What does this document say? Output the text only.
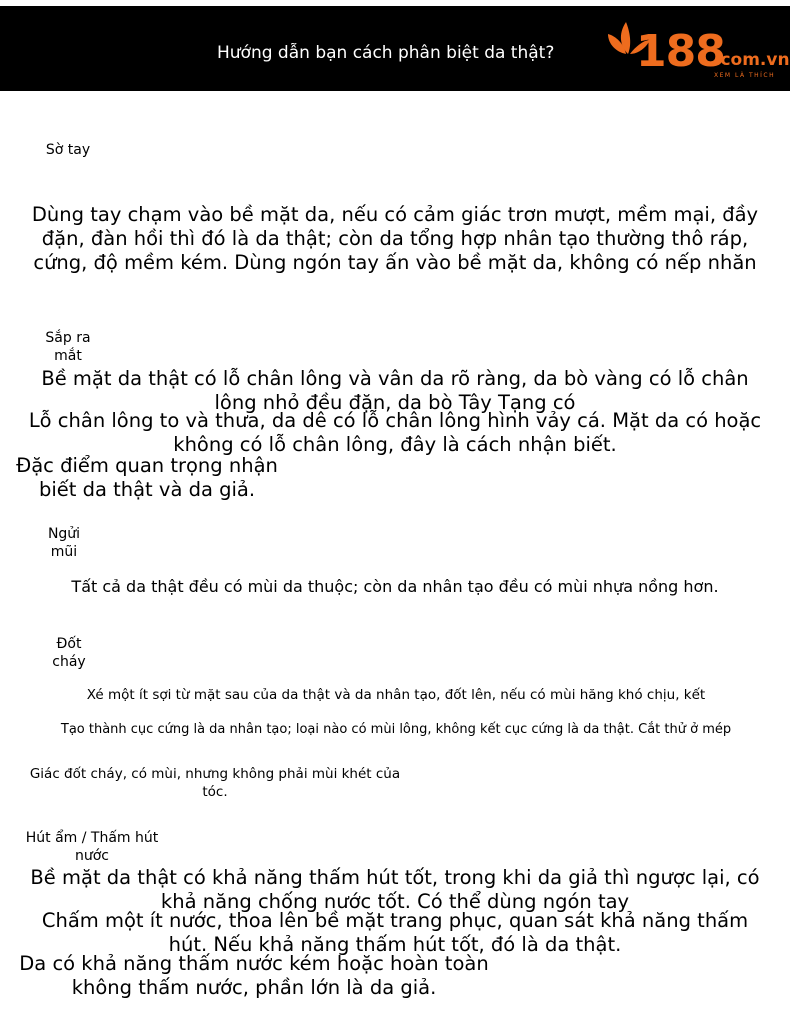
Hướng dẫn bạn cách phân biệt da thật? 188
.com.vn
XEM LÀ THÍCH

Sờ tay

Dùng tay chạm vào bề mặt da, nếu có cảm giác trơn mượt, mềm mại, đầy đặn, đàn hồi thì đó là da thật; còn da tổng hợp nhân tạo thường thô ráp, cứng, độ mềm kém. Dùng ngón tay ấn vào bề mặt da, không có nếp nhăn

Sắp ra mắt

Bề mặt da thật có lỗ chân lông và vân da rõ ràng, da bò vàng có lỗ chân lông nhỏ đều đặn, da bò Tây Tạng có

Lỗ chân lông to và thưa, da dê có lỗ chân lông hình vảy cá. Mặt da có hoặc không có lỗ chân lông, đây là cách nhận biết.

Đặc điểm quan trọng nhận biết da thật và da giả.

Ngửi mũi

Tất cả da thật đều có mùi da thuộc; còn da nhân tạo đều có mùi nhựa nồng hơn.

Đốt cháy

Xé một ít sợi từ mặt sau của da thật và da nhân tạo, đốt lên, nếu có mùi hăng khó chịu, kết

Tạo thành cục cứng là da nhân tạo; loại nào có mùi lông, không kết cục cứng là da thật. Cắt thử ở mép

Giác đốt cháy, có mùi, nhưng không phải mùi khét của tóc.

Hút ẩm / Thấm hút nước

Bề mặt da thật có khả năng thấm hút tốt, trong khi da giả thì ngược lại, có khả năng chống nước tốt. Có thể dùng ngón tay

Chấm một ít nước, thoa lên bề mặt trang phục, quan sát khả năng thấm hút. Nếu khả năng thấm hút tốt, đó là da thật.

Da có khả năng thấm nước kém hoặc hoàn toàn không thấm nước, phần lớn là da giả.
